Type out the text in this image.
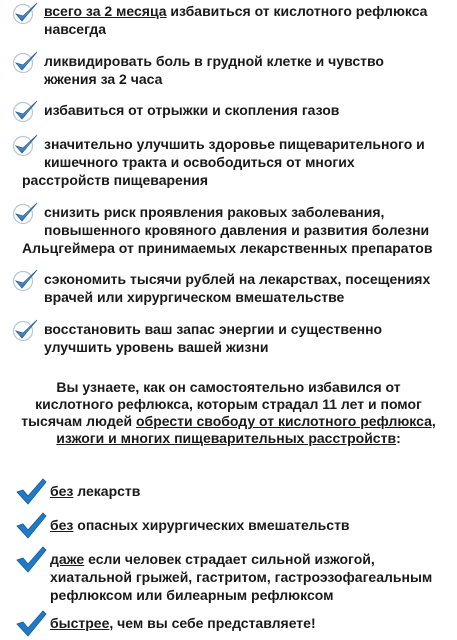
всего за 2 месяца избавиться от кислотного рефлюкса
навсегда
ликвидировать боль в грудной клетке и чувство
жжения за 2 часа
избавиться от отрыжки и скопления газов
значительно улучшить здоровье пищеварительного и
кишечного тракта и освободиться от многих
расстройств пищеварения
снизить риск проявления раковых заболевания,
повышенного кровяного давления и развития болезни
Альцгеймера от принимаемых лекарственных препаратов
сэкономить тысячи рублей на лекарствах, посещениях
врачей или хирургическом вмешательстве
восстановить ваш запас энергии и существенно
улучшить уровень вашей жизни
Вы узнаете, как он самостоятельно избавился от
кислотного рефлюкса, которым страдал 11 лет и помог
тысячам людей обрести свободу от кислотного рефлюкса,
изжоги и многих пищеварительных расстройств:
без лекарств
без опасных хирургических вмешательств
даже если человек страдает сильной изжогой,
хиатальной грыжей, гастритом, гастроэзофагеальным
рефлюксом или билеарным рефлюксом
быстрее, чем вы себе представляете!
